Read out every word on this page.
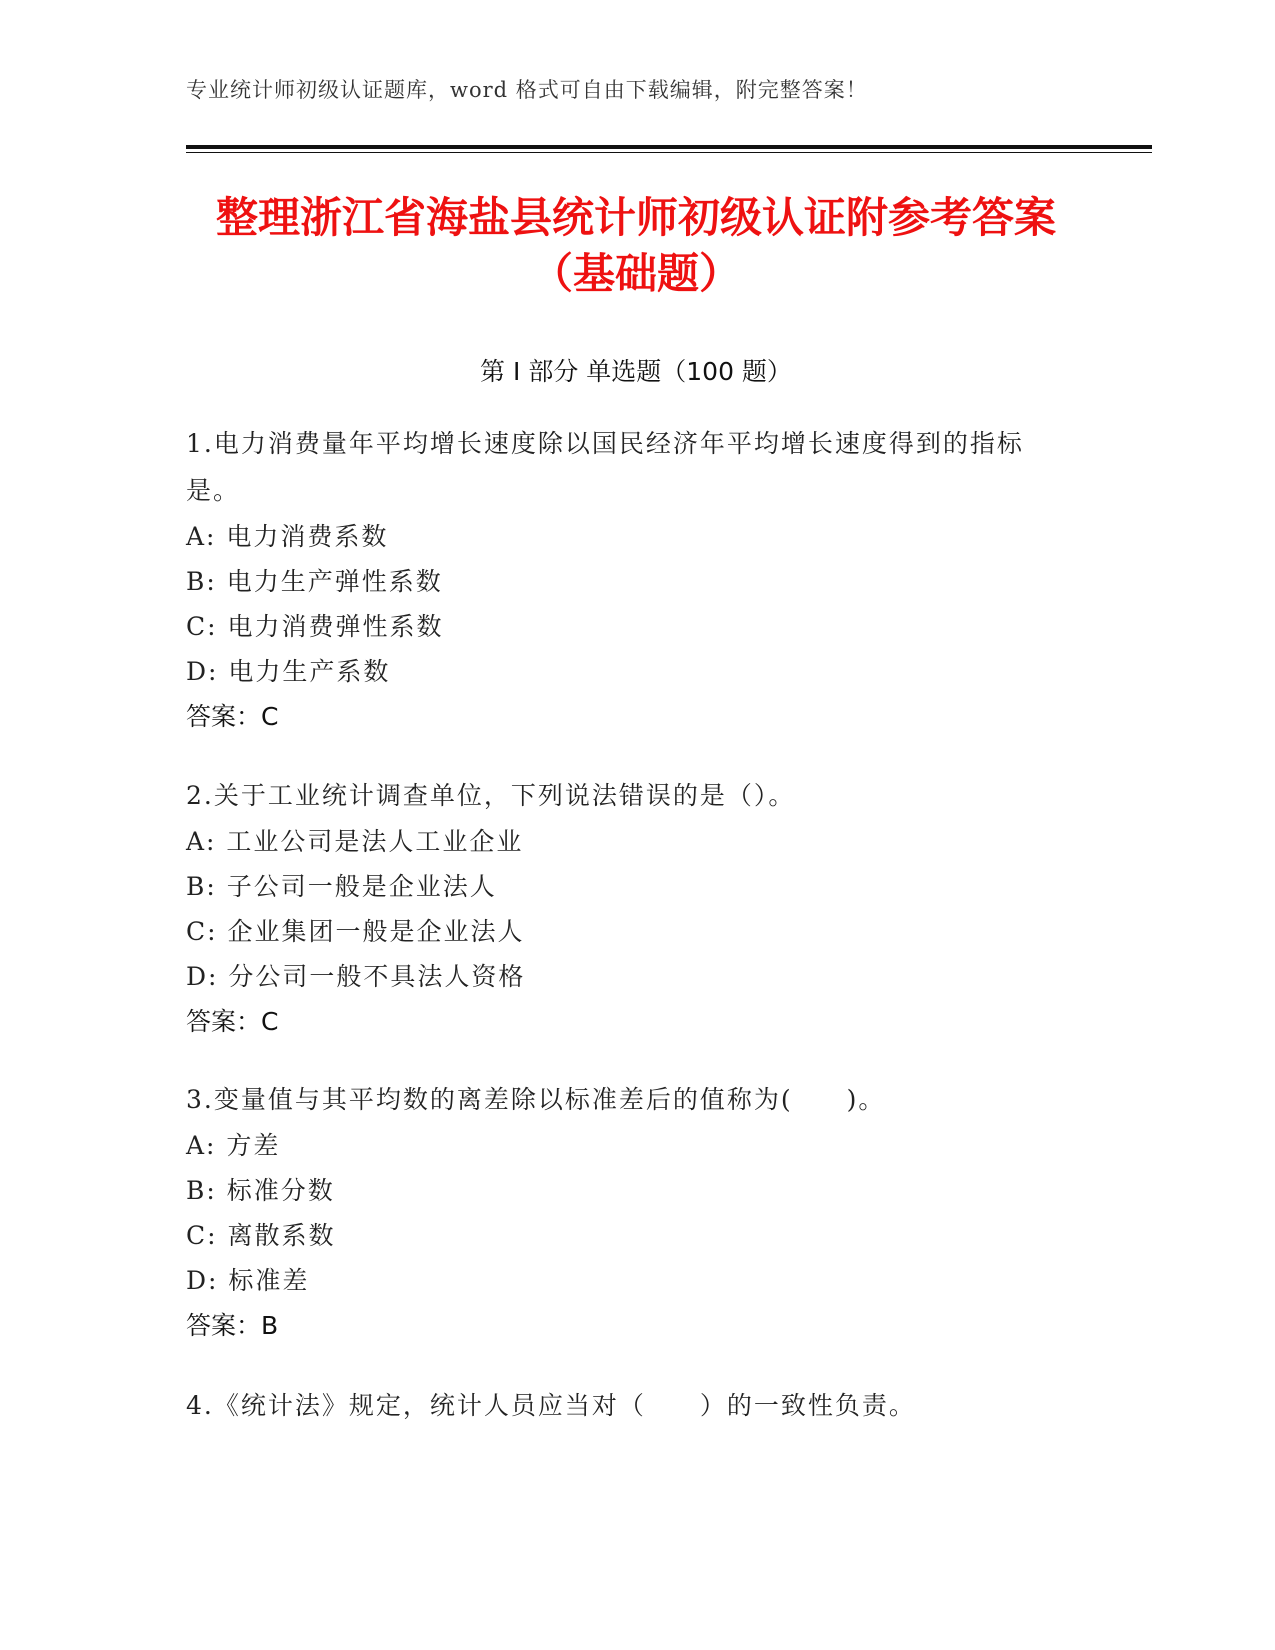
专业统计师初级认证题库，word 格式可自由下载编辑，附完整答案！
整理浙江省海盐县统计师初级认证附参考答案（基础题）
第 I 部分 单选题（100 题）
1.电力消费量年平均增长速度除以国民经济年平均增长速度得到的指标是。
A: 电力消费系数
B: 电力生产弹性系数
C: 电力消费弹性系数
D: 电力生产系数
答案：C
2.关于工业统计调查单位，下列说法错误的是（）。
A: 工业公司是法人工业企业
B: 子公司一般是企业法人
C: 企业集团一般是企业法人
D: 分公司一般不具法人资格
答案：C
3.变量值与其平均数的离差除以标准差后的值称为(　　)。
A: 方差
B: 标准分数
C: 离散系数
D: 标准差
答案：B
4.《统计法》规定，统计人员应当对（　　）的一致性负责。
